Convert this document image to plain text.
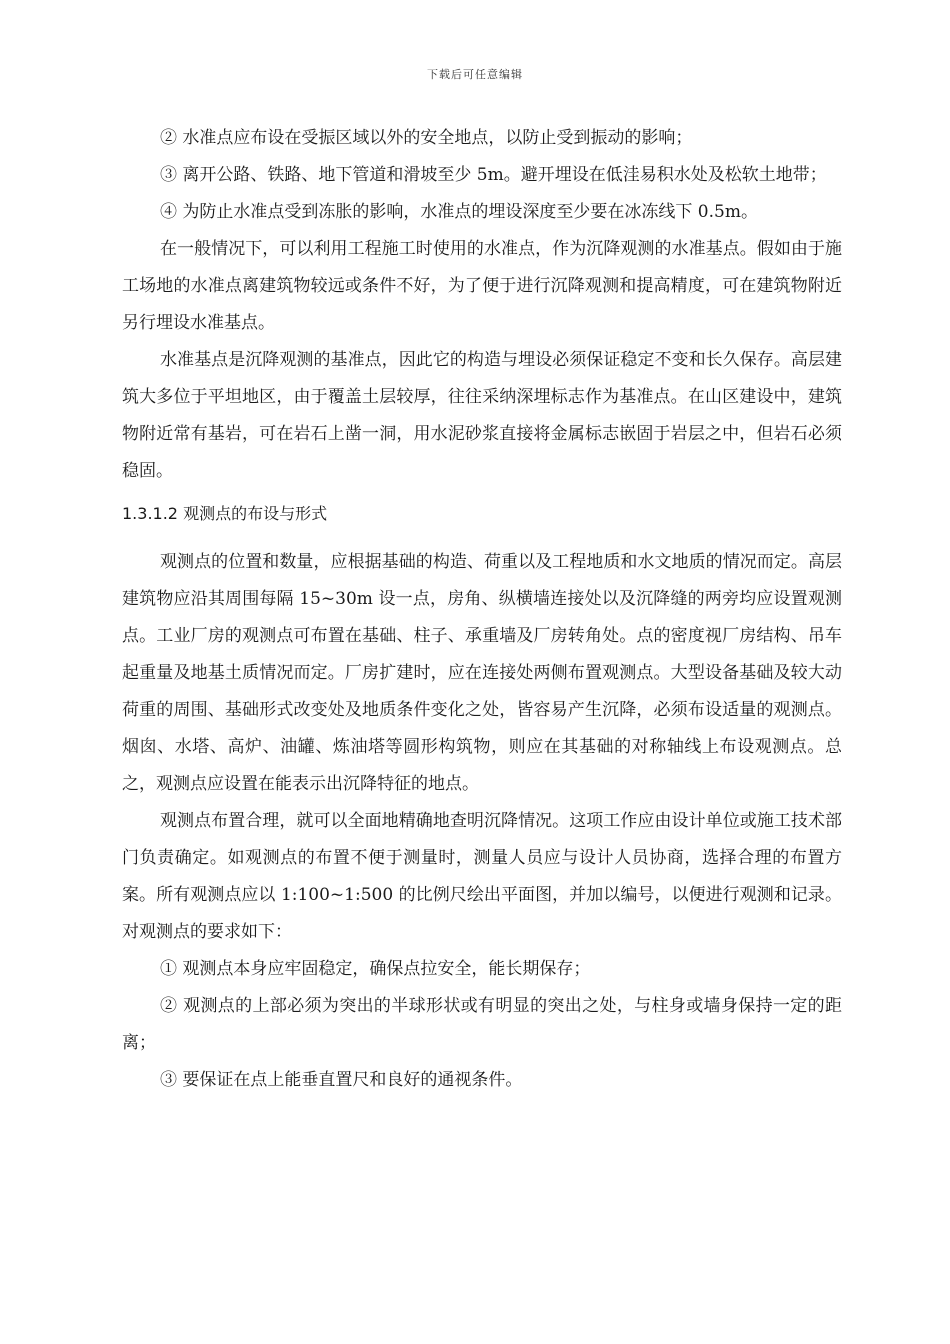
下载后可任意编辑

② 水准点应布设在受振区域以外的安全地点，以防止受到振动的影响；

③ 离开公路、铁路、地下管道和滑坡至少 5m。避开埋设在低洼易积水处及松软土地带；

④ 为防止水准点受到冻胀的影响，水准点的埋设深度至少要在冰冻线下 0.5m。

在一般情况下，可以利用工程施工时使用的水准点，作为沉降观测的水准基点。假如由于施工场地的水准点离建筑物较远或条件不好，为了便于进行沉降观测和提高精度，可在建筑物附近另行埋设水准基点。

水准基点是沉降观测的基准点，因此它的构造与埋设必须保证稳定不变和长久保存。高层建筑大多位于平坦地区，由于覆盖土层较厚，往往采纳深埋标志作为基准点。在山区建设中，建筑物附近常有基岩，可在岩石上凿一洞，用水泥砂浆直接将金属标志嵌固于岩层之中，但岩石必须稳固。

1.3.1.2 观测点的布设与形式

观测点的位置和数量，应根据基础的构造、荷重以及工程地质和水文地质的情况而定。高层建筑物应沿其周围每隔 15~30m 设一点，房角、纵横墙连接处以及沉降缝的两旁均应设置观测点。工业厂房的观测点可布置在基础、柱子、承重墙及厂房转角处。点的密度视厂房结构、吊车起重量及地基土质情况而定。厂房扩建时，应在连接处两侧布置观测点。大型设备基础及较大动荷重的周围、基础形式改变处及地质条件变化之处，皆容易产生沉降，必须布设适量的观测点。烟囱、水塔、高炉、油罐、炼油塔等圆形构筑物，则应在其基础的对称轴线上布设观测点。总之，观测点应设置在能表示出沉降特征的地点。

观测点布置合理，就可以全面地精确地查明沉降情况。这项工作应由设计单位或施工技术部门负责确定。如观测点的布置不便于测量时，测量人员应与设计人员协商，选择合理的布置方案。所有观测点应以 1:100~1:500 的比例尺绘出平面图，并加以编号，以便进行观测和记录。对观测点的要求如下：

① 观测点本身应牢固稳定，确保点拉安全，能长期保存；

② 观测点的上部必须为突出的半球形状或有明显的突出之处，与柱身或墙身保持一定的距离；

③ 要保证在点上能垂直置尺和良好的通视条件。
